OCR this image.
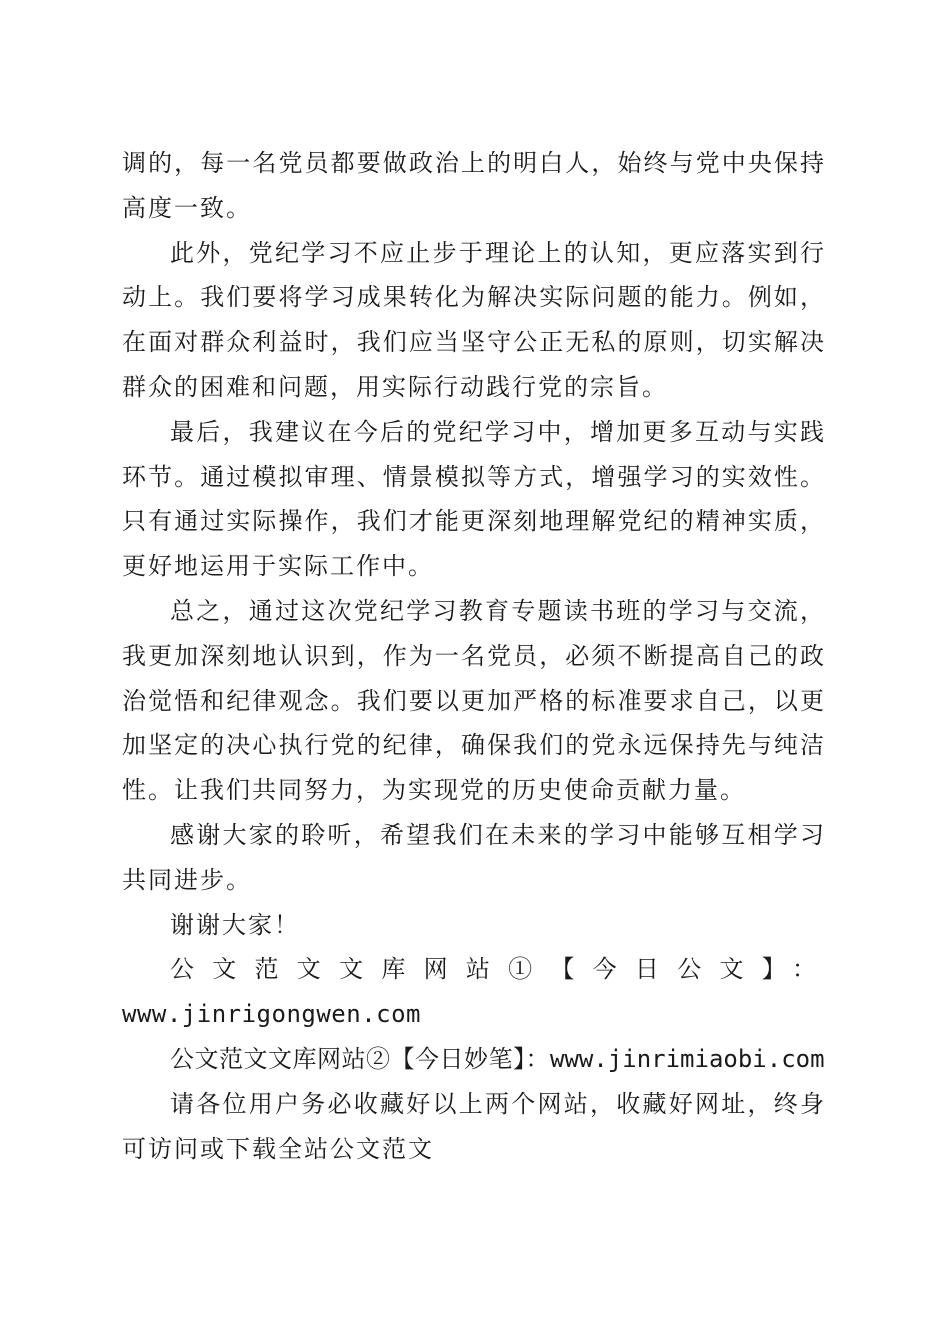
调的，每一名党员都要做政治上的明白人，始终与党中央保持高度一致。

此外，党纪学习不应止步于理论上的认知，更应落实到行动上。我们要将学习成果转化为解决实际问题的能力。例如，在面对群众利益时，我们应当坚守公正无私的原则，切实解决群众的困难和问题，用实际行动践行党的宗旨。

最后，我建议在今后的党纪学习中，增加更多互动与实践环节。通过模拟审理、情景模拟等方式，增强学习的实效性。只有通过实际操作，我们才能更深刻地理解党纪的精神实质，更好地运用于实际工作中。

总之，通过这次党纪学习教育专题读书班的学习与交流，我更加深刻地认识到，作为一名党员，必须不断提高自己的政治觉悟和纪律观念。我们要以更加严格的标准要求自己，以更加坚定的决心执行党的纪律，确保我们的党永远保持先与纯洁性。让我们共同努力，为实现党的历史使命贡献力量。

感谢大家的聆听，希望我们在未来的学习中能够互相学习共同进步。

谢谢大家！

公文范文文库网站①【今日公文】：

www.jinrigongwen.com

公文范文文库网站②【今日妙笔】：www.jinrimiaobi.com

请各位用户务必收藏好以上两个网站，收藏好网址，终身可访问或下载全站公文范文
